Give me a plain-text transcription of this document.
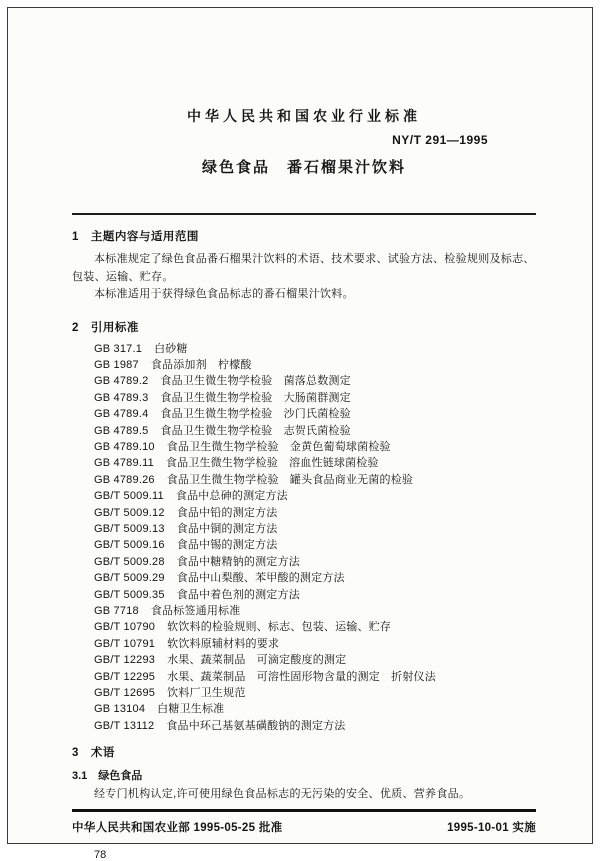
中华人民共和国农业行业标准
NY/T 291—1995
绿色食品　番石榴果汁饮料
1　主题内容与适用范围

本标准规定了绿色食品番石榴果汁饮料的术语、技术要求、试验方法、检验规则及标志、包装、运输、贮存。

本标准适用于获得绿色食品标志的番石榴果汁饮料。

2　引用标准
GB 317.1 白砂糖
GB 1987 食品添加剂　柠檬酸
GB 4789.2 食品卫生微生物学检验　菌落总数测定
GB 4789.3 食品卫生微生物学检验　大肠菌群测定
GB 4789.4 食品卫生微生物学检验　沙门氏菌检验
GB 4789.5 食品卫生微生物学检验　志贺氏菌检验
GB 4789.10 食品卫生微生物学检验　金黄色葡萄球菌检验
GB 4789.11 食品卫生微生物学检验　溶血性链球菌检验
GB 4789.26 食品卫生微生物学检验　罐头食品商业无菌的检验
GB/T 5009.11 食品中总砷的测定方法
GB/T 5009.12 食品中铅的测定方法
GB/T 5009.13 食品中铜的测定方法
GB/T 5009.16 食品中锡的测定方法
GB/T 5009.28 食品中糖精钠的测定方法
GB/T 5009.29 食品中山梨酸、苯甲酸的测定方法
GB/T 5009.35 食品中着色剂的测定方法
GB 7718 食品标签通用标准
GB/T 10790 软饮料的检验规则、标志、包装、运输、贮存
GB/T 10791 软饮料原辅材料的要求
GB/T 12293 水果、蔬菜制品　可滴定酸度的测定
GB/T 12295 水果、蔬菜制品　可溶性固形物含量的测定　折射仪法
GB/T 12695 饮料厂卫生规范
GB 13104 白糖卫生标准
GB/T 13112 食品中环己基氨基磺酸钠的测定方法
3　术语
3.1　绿色食品

经专门机构认定,许可使用绿色食品标志的无污染的安全、优质、营养食品。

中华人民共和国农业部 1995-05-25 批准	1995-10-01 实施
78
